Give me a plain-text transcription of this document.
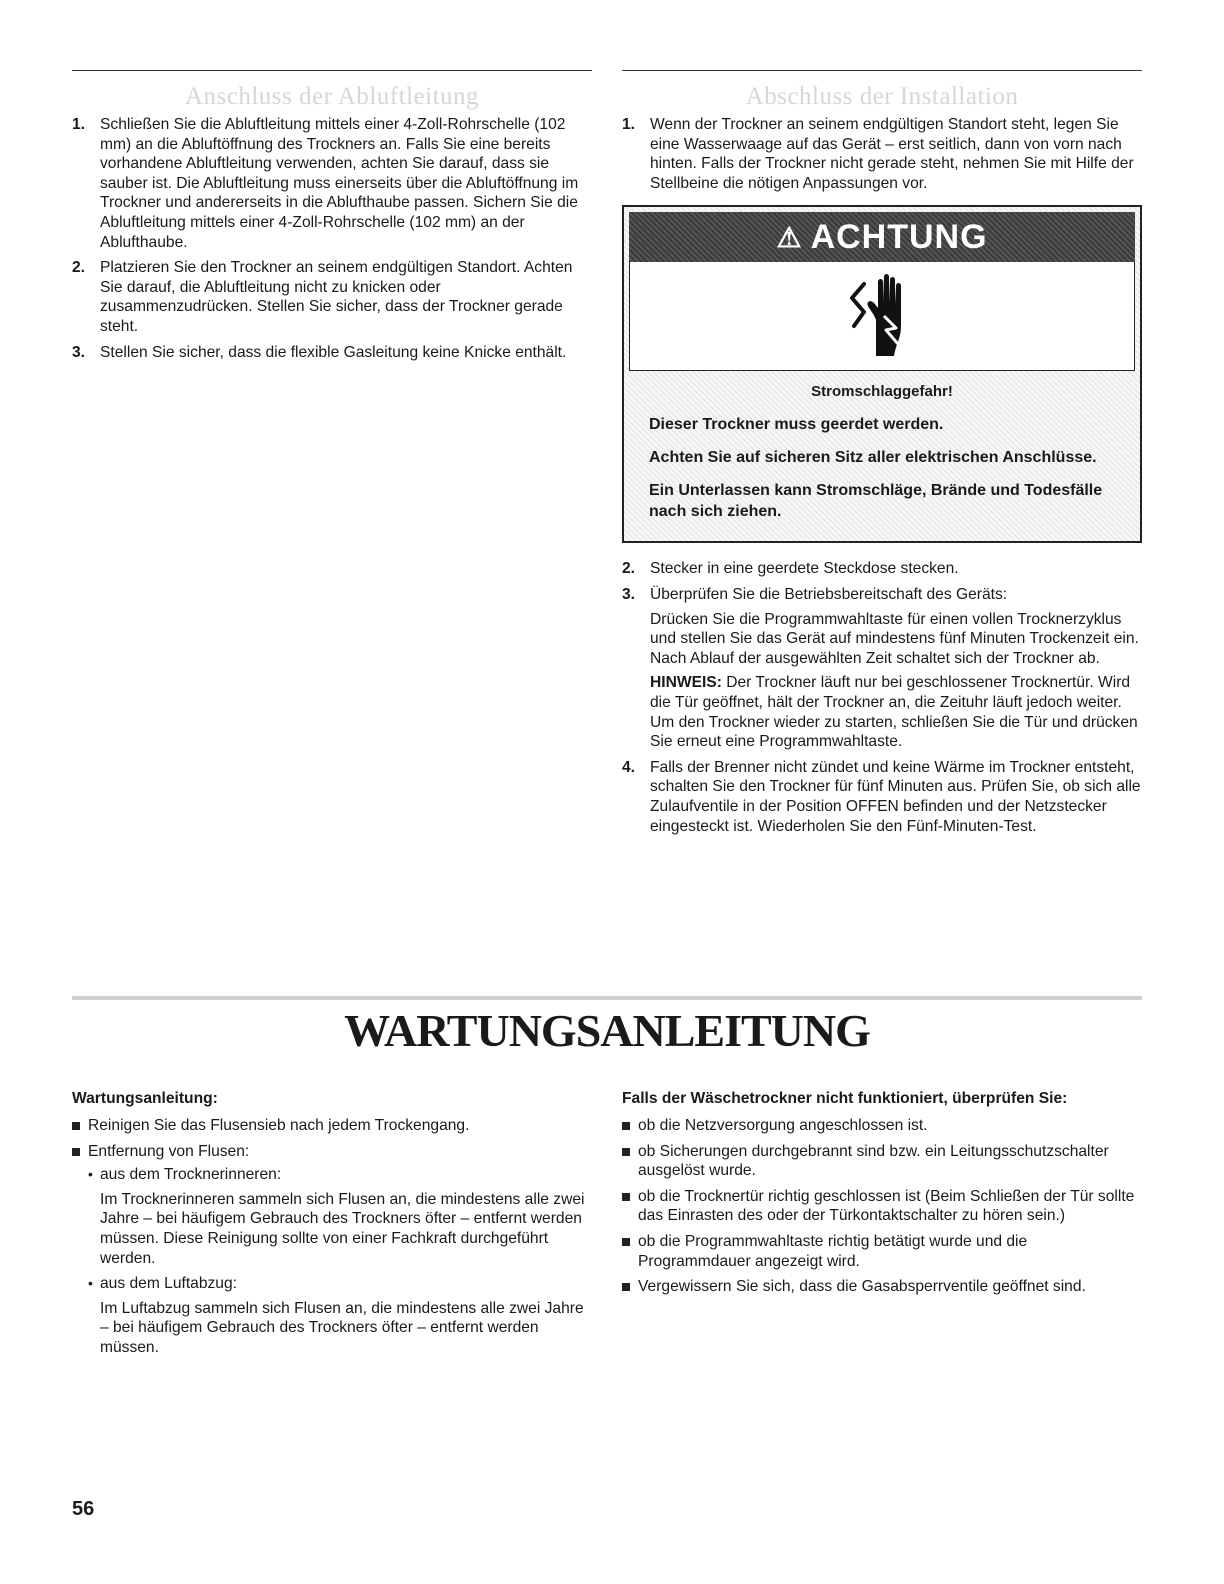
Anschluss der Abluftleitung
1. Schließen Sie die Abluftleitung mittels einer 4-Zoll-Rohrschelle (102 mm) an die Abluftöffnung des Trockners an. Falls Sie eine bereits vorhandene Abluftleitung verwenden, achten Sie darauf, dass sie sauber ist. Die Abluftleitung muss einerseits über die Abluftöffnung im Trockner und andererseits in die Ablufthaube passen. Sichern Sie die Abluftleitung mittels einer 4-Zoll-Rohrschelle (102 mm) an der Ablufthaube.
2. Platzieren Sie den Trockner an seinem endgültigen Standort. Achten Sie darauf, die Abluftleitung nicht zu knicken oder zusammenzudrücken. Stellen Sie sicher, dass der Trockner gerade steht.
3. Stellen Sie sicher, dass die flexible Gasleitung keine Knicke enthält.
Abschluss der Installation
1. Wenn der Trockner an seinem endgültigen Standort steht, legen Sie eine Wasserwaage auf das Gerät – erst seitlich, dann von vorn nach hinten. Falls der Trockner nicht gerade steht, nehmen Sie mit Hilfe der Stellbeine die nötigen Anpassungen vor.
⚠ ACHTUNG

Stromschlaggefahr!

Dieser Trockner muss geerdet werden.

Achten Sie auf sicheren Sitz aller elektrischen Anschlüsse.

Ein Unterlassen kann Stromschläge, Brände und Todesfälle nach sich ziehen.

2. Stecker in eine geerdete Steckdose stecken.
3. Überprüfen Sie die Betriebsbereitschaft des Geräts:

Drücken Sie die Programmwahltaste für einen vollen Trocknerzyklus und stellen Sie das Gerät auf mindestens fünf Minuten Trockenzeit ein. Nach Ablauf der ausgewählten Zeit schaltet sich der Trockner ab.

HINWEIS: Der Trockner läuft nur bei geschlossener Trocknertür. Wird die Tür geöffnet, hält der Trockner an, die Zeituhr läuft jedoch weiter. Um den Trockner wieder zu starten, schließen Sie die Tür und drücken Sie erneut eine Programmwahltaste.

4. Falls der Brenner nicht zündet und keine Wärme im Trockner entsteht, schalten Sie den Trockner für fünf Minuten aus. Prüfen Sie, ob sich alle Zulaufventile in der Position OFFEN befinden und der Netzstecker eingesteckt ist. Wiederholen Sie den Fünf-Minuten-Test.
WARTUNGSANLEITUNG

Wartungsanleitung:

Reinigen Sie das Flusensieb nach jedem Trockengang.
Entfernung von Flusen:
• aus dem Trocknerinneren:

Im Trocknerinneren sammeln sich Flusen an, die mindestens alle zwei Jahre – bei häufigem Gebrauch des Trockners öfter – entfernt werden müssen. Diese Reinigung sollte von einer Fachkraft durchgeführt werden.

• aus dem Luftabzug:

Im Luftabzug sammeln sich Flusen an, die mindestens alle zwei Jahre – bei häufigem Gebrauch des Trockners öfter – entfernt werden müssen.

Falls der Wäschetrockner nicht funktioniert, überprüfen Sie:

ob die Netzversorgung angeschlossen ist.
ob Sicherungen durchgebrannt sind bzw. ein Leitungsschutzschalter ausgelöst wurde.
ob die Trocknertür richtig geschlossen ist (Beim Schließen der Tür sollte das Einrasten des oder der Türkontaktschalter zu hören sein.)
ob die Programmwahltaste richtig betätigt wurde und die Programmdauer angezeigt wird.
Vergewissern Sie sich, dass die Gasabsperrventile geöffnet sind.
56
